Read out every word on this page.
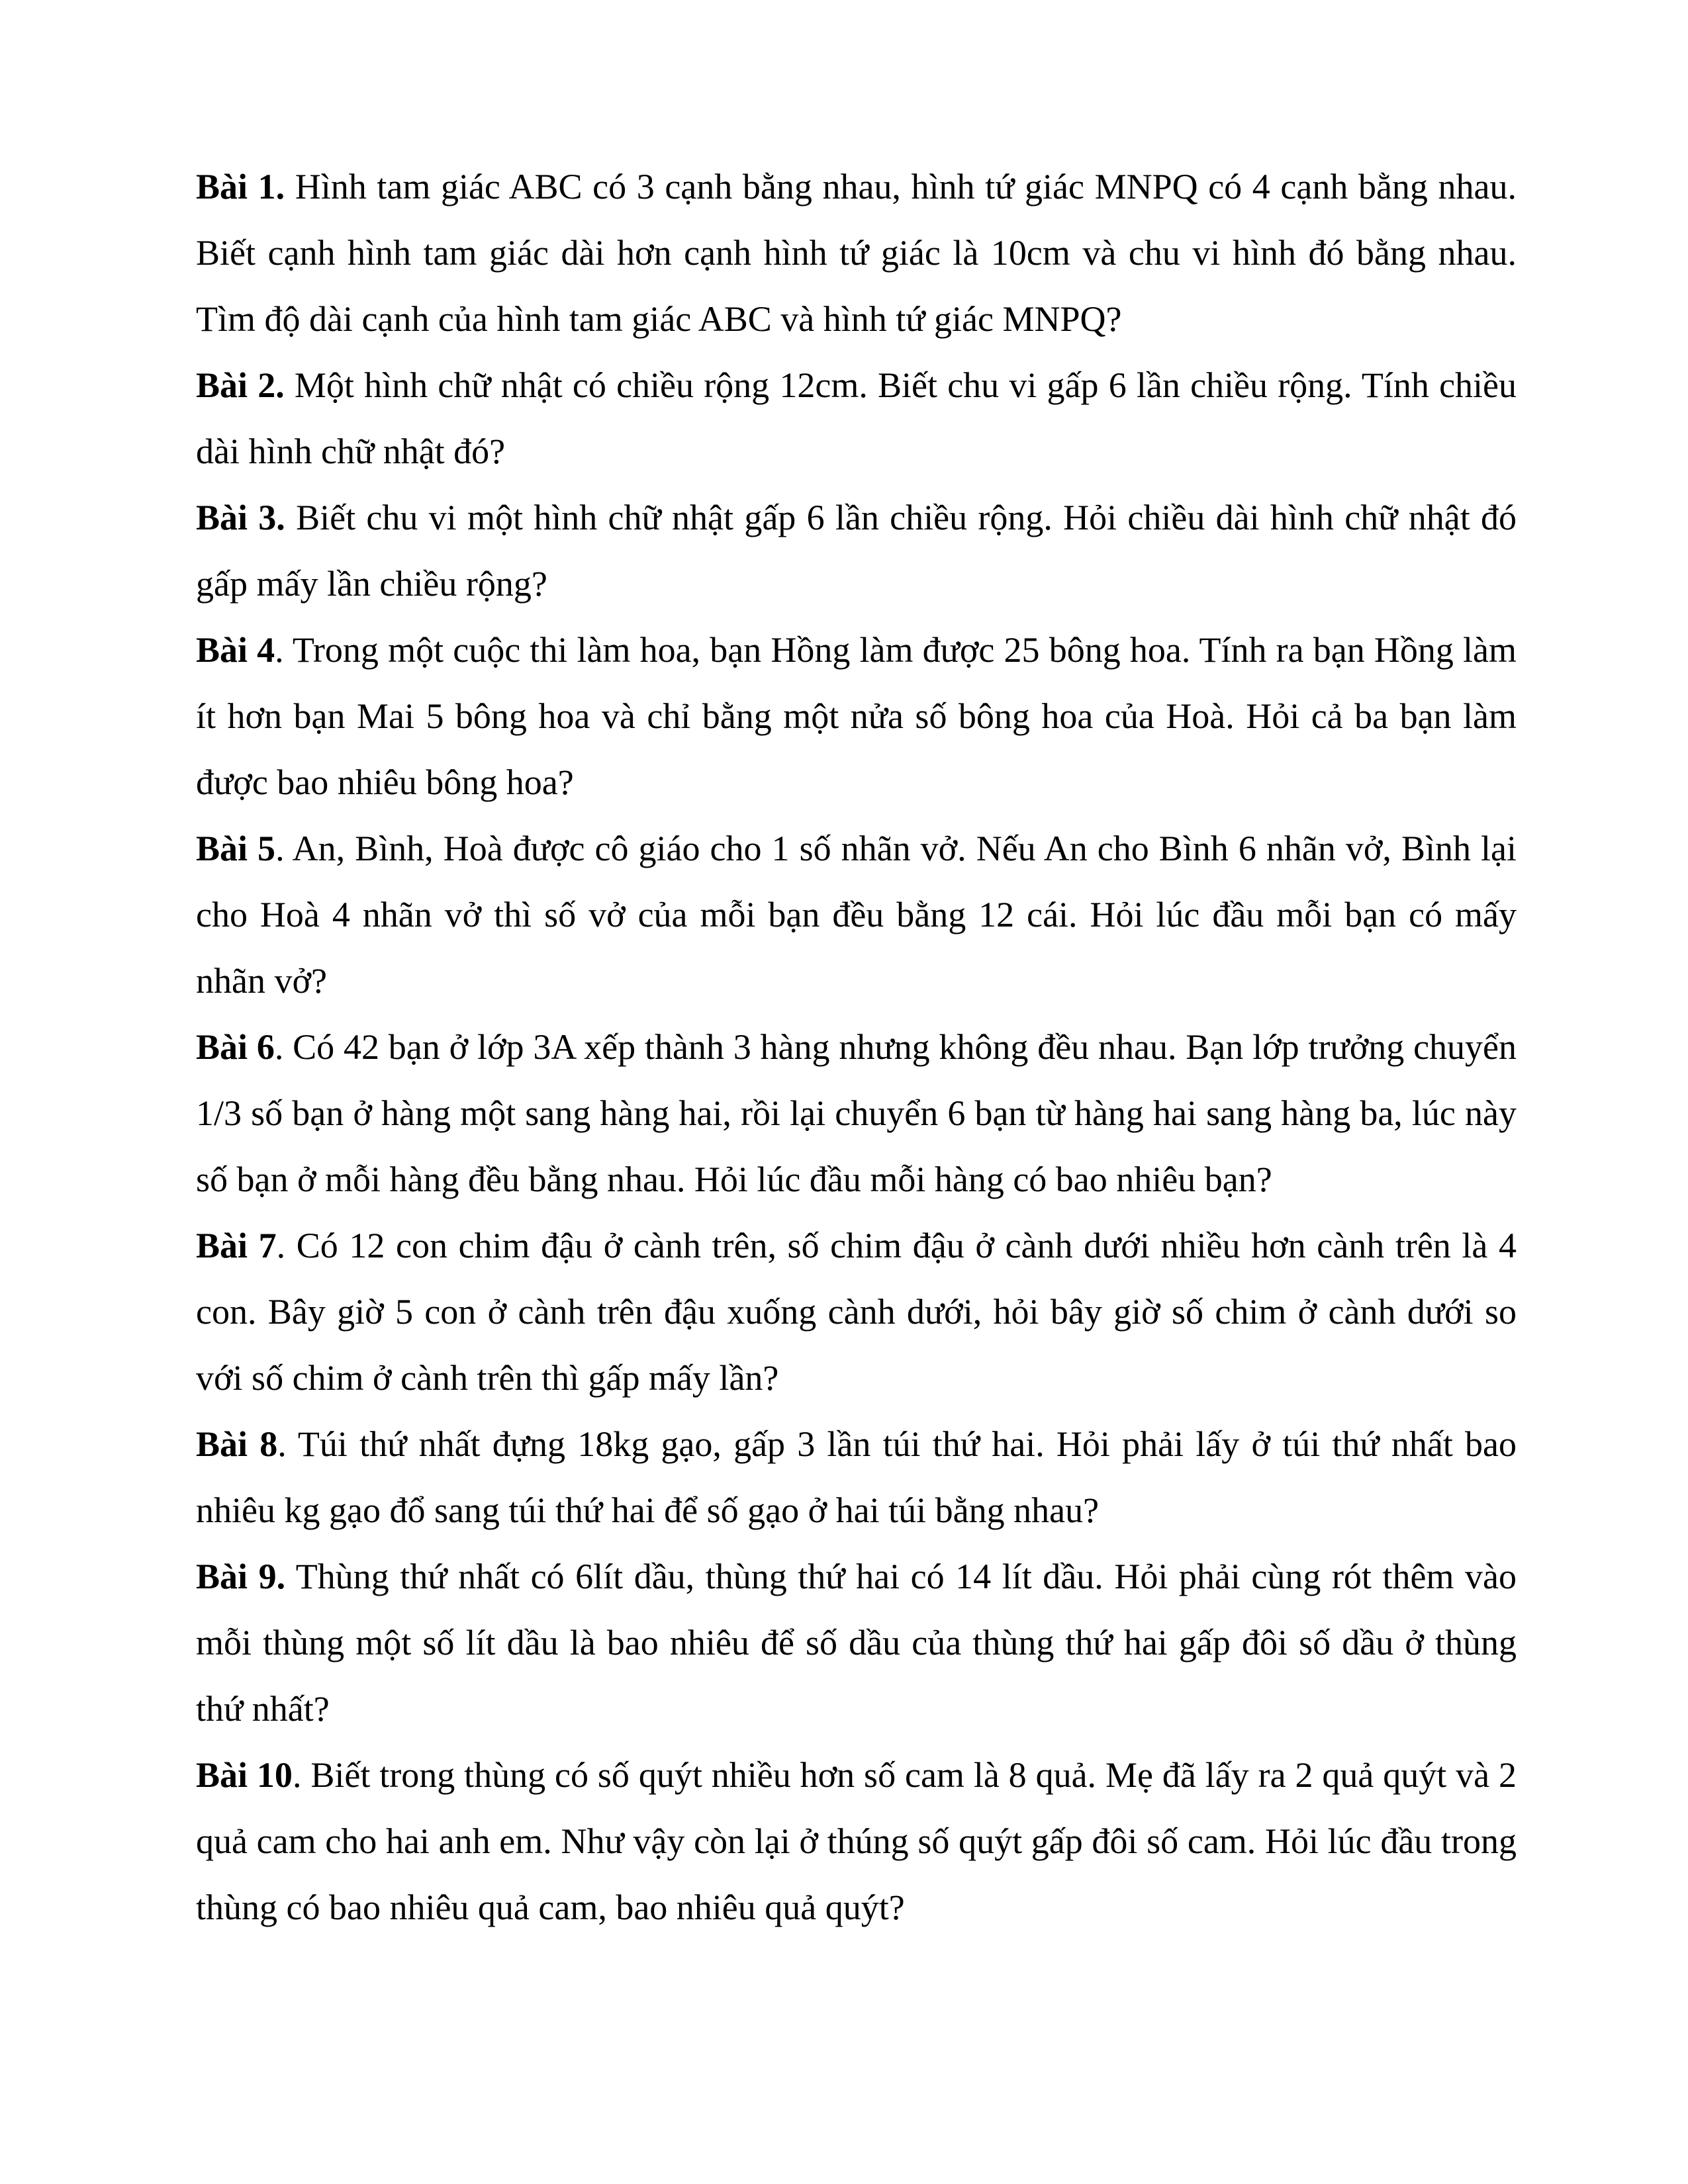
Bài 1. Hình tam giác ABC có 3 cạnh bằng nhau, hình tứ giác MNPQ có 4 cạnh bằng nhau. Biết cạnh hình tam giác dài hơn cạnh hình tứ giác là 10cm và chu vi hình đó bằng nhau. Tìm độ dài cạnh của hình tam giác ABC và hình tứ giác MNPQ?

Bài 2. Một hình chữ nhật có chiều rộng 12cm. Biết chu vi gấp 6 lần chiều rộng. Tính chiều dài hình chữ nhật đó?

Bài 3. Biết chu vi một hình chữ nhật gấp 6 lần chiều rộng. Hỏi chiều dài hình chữ nhật đó gấp mấy lần chiều rộng?

Bài 4. Trong một cuộc thi làm hoa, bạn Hồng làm được 25 bông hoa. Tính ra bạn Hồng làm ít hơn bạn Mai 5 bông hoa và chỉ bằng một nửa số bông hoa của Hoà. Hỏi cả ba bạn làm được bao nhiêu bông hoa?

Bài 5. An, Bình, Hoà được cô giáo cho 1 số nhãn vở. Nếu An cho Bình 6 nhãn vở, Bình lại cho Hoà 4 nhãn vở thì số vở của mỗi bạn đều bằng 12 cái. Hỏi lúc đầu mỗi bạn có mấy nhãn vở?

Bài 6. Có 42 bạn ở lớp 3A xếp thành 3 hàng nhưng không đều nhau. Bạn lớp trưởng chuyển 1/3 số bạn ở hàng một sang hàng hai, rồi lại chuyển 6 bạn từ hàng hai sang hàng ba, lúc này số bạn ở mỗi hàng đều bằng nhau. Hỏi lúc đầu mỗi hàng có bao nhiêu bạn?

Bài 7. Có 12 con chim đậu ở cành trên, số chim đậu ở cành dưới nhiều hơn cành trên là 4 con. Bây giờ 5 con ở cành trên đậu xuống cành dưới, hỏi bây giờ số chim ở cành dưới so với số chim ở cành trên thì gấp mấy lần?

Bài 8. Túi thứ nhất đựng 18kg gạo, gấp 3 lần túi thứ hai. Hỏi phải lấy ở túi thứ nhất bao nhiêu kg gạo đổ sang túi thứ hai để số gạo ở hai túi bằng nhau?

Bài 9. Thùng thứ nhất có 6lít dầu, thùng thứ hai có 14 lít dầu. Hỏi phải cùng rót thêm vào mỗi thùng một số lít dầu là bao nhiêu để số dầu của thùng thứ hai gấp đôi số dầu ở thùng thứ nhất?

Bài 10. Biết trong thùng có số quýt nhiều hơn số cam là 8 quả. Mẹ đã lấy ra 2 quả quýt và 2 quả cam cho hai anh em. Như vậy còn lại ở thúng số quýt gấp đôi số cam. Hỏi lúc đầu trong thùng có bao nhiêu quả cam, bao nhiêu quả quýt?
